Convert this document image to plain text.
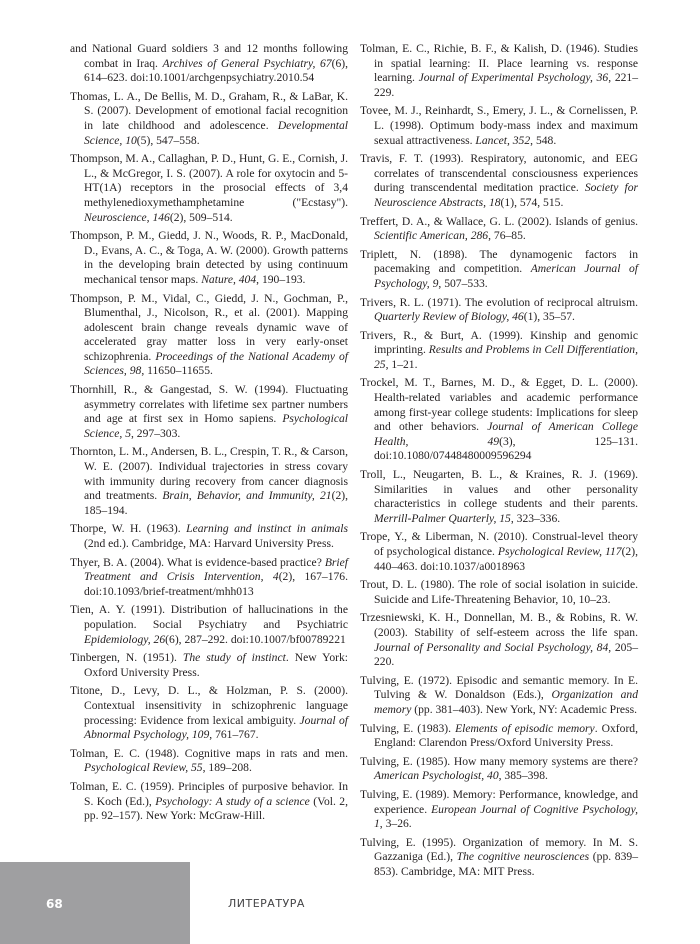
and National Guard soldiers 3 and 12 months following combat in Iraq. Archives of General Psychiatry, 67(6), 614–623. doi:10.1001/archgenpsychiatry.2010.54
Thomas, L. A., De Bellis, M. D., Graham, R., & LaBar, K. S. (2007). Development of emotional facial recognition in late childhood and adolescence. Developmental Science, 10(5), 547–558.
Thompson, M. A., Callaghan, P. D., Hunt, G. E., Cornish, J. L., & McGregor, I. S. (2007). A role for oxytocin and 5-HT(1A) receptors in the prosocial effects of 3,4 methylenedioxymethamphetamine ("Ecstasy"). Neuroscience, 146(2), 509–514.
Thompson, P. M., Giedd, J. N., Woods, R. P., MacDonald, D., Evans, A. C., & Toga, A. W. (2000). Growth patterns in the developing brain detected by using continuum mechanical tensor maps. Nature, 404, 190–193.
Thompson, P. M., Vidal, C., Giedd, J. N., Gochman, P., Blumenthal, J., Nicolson, R., et al. (2001). Mapping adolescent brain change reveals dynamic wave of accelerated gray matter loss in very early-onset schizophrenia. Proceedings of the National Academy of Sciences, 98, 11650–11655.
Thornhill, R., & Gangestad, S. W. (1994). Fluctuating asymmetry correlates with lifetime sex partner numbers and age at first sex in Homo sapiens. Psychological Science, 5, 297–303.
Thornton, L. M., Andersen, B. L., Crespin, T. R., & Carson, W. E. (2007). Individual trajectories in stress covary with immunity during recovery from cancer diagnosis and treatments. Brain, Behavior, and Immunity, 21(2), 185–194.
Thorpe, W. H. (1963). Learning and instinct in animals (2nd ed.). Cambridge, MA: Harvard University Press.
Thyer, B. A. (2004). What is evidence-based practice? Brief Treatment and Crisis Intervention, 4(2), 167–176. doi:10.1093/brief-treatment/mhh013
Tien, A. Y. (1991). Distribution of hallucinations in the population. Social Psychiatry and Psychiatric Epidemiology, 26(6), 287–292. doi:10.1007/bf00789221
Tinbergen, N. (1951). The study of instinct. New York: Oxford University Press.
Titone, D., Levy, D. L., & Holzman, P. S. (2000). Contextual insensitivity in schizophrenic language processing: Evidence from lexical ambiguity. Journal of Abnormal Psychology, 109, 761–767.
Tolman, E. C. (1948). Cognitive maps in rats and men. Psychological Review, 55, 189–208.
Tolman, E. C. (1959). Principles of purposive behavior. In S. Koch (Ed.), Psychology: A study of a science (Vol. 2, pp. 92–157). New York: McGraw-Hill.
Tolman, E. C., Richie, B. F., & Kalish, D. (1946). Studies in spatial learning: II. Place learning vs. response learning. Journal of Experimental Psychology, 36, 221–229.
Tovee, M. J., Reinhardt, S., Emery, J. L., & Cornelissen, P. L. (1998). Optimum body-mass index and maximum sexual attractiveness. Lancet, 352, 548.
Travis, F. T. (1993). Respiratory, autonomic, and EEG correlates of transcendental consciousness experiences during transcendental meditation practice. Society for Neuroscience Abstracts, 18(1), 574, 515.
Treffert, D. A., & Wallace, G. L. (2002). Islands of genius. Scientific American, 286, 76–85.
Triplett, N. (1898). The dynamogenic factors in pacemaking and competition. American Journal of Psychology, 9, 507–533.
Trivers, R. L. (1971). The evolution of reciprocal altruism. Quarterly Review of Biology, 46(1), 35–57.
Trivers, R., & Burt, A. (1999). Kinship and genomic imprinting. Results and Problems in Cell Differentiation, 25, 1–21.
Trockel, M. T., Barnes, M. D., & Egget, D. L. (2000). Health-related variables and academic performance among first-year college students: Implications for sleep and other behaviors. Journal of American College Health, 49(3), 125–131. doi:10.1080/07448480009596294
Troll, L., Neugarten, B. L., & Kraines, R. J. (1969). Similarities in values and other personality characteristics in college students and their parents. Merrill-Palmer Quarterly, 15, 323–336.
Trope, Y., & Liberman, N. (2010). Construal-level theory of psychological distance. Psychological Review, 117(2), 440–463. doi:10.1037/a0018963
Trout, D. L. (1980). The role of social isolation in suicide. Suicide and Life-Threatening Behavior, 10, 10–23.
Trzesniewski, K. H., Donnellan, M. B., & Robins, R. W. (2003). Stability of self-esteem across the life span. Journal of Personality and Social Psychology, 84, 205–220.
Tulving, E. (1972). Episodic and semantic memory. In E. Tulving & W. Donaldson (Eds.), Organization and memory (pp. 381–403). New York, NY: Academic Press.
Tulving, E. (1983). Elements of episodic memory. Oxford, England: Clarendon Press/Oxford University Press.
Tulving, E. (1985). How many memory systems are there? American Psychologist, 40, 385–398.
Tulving, E. (1989). Memory: Performance, knowledge, and experience. European Journal of Cognitive Psychology, 1, 3–26.
Tulving, E. (1995). Organization of memory. In M. S. Gazzaniga (Ed.), The cognitive neurosciences (pp. 839–853). Cambridge, MA: MIT Press.
68	ЛИТЕРАТУРА
